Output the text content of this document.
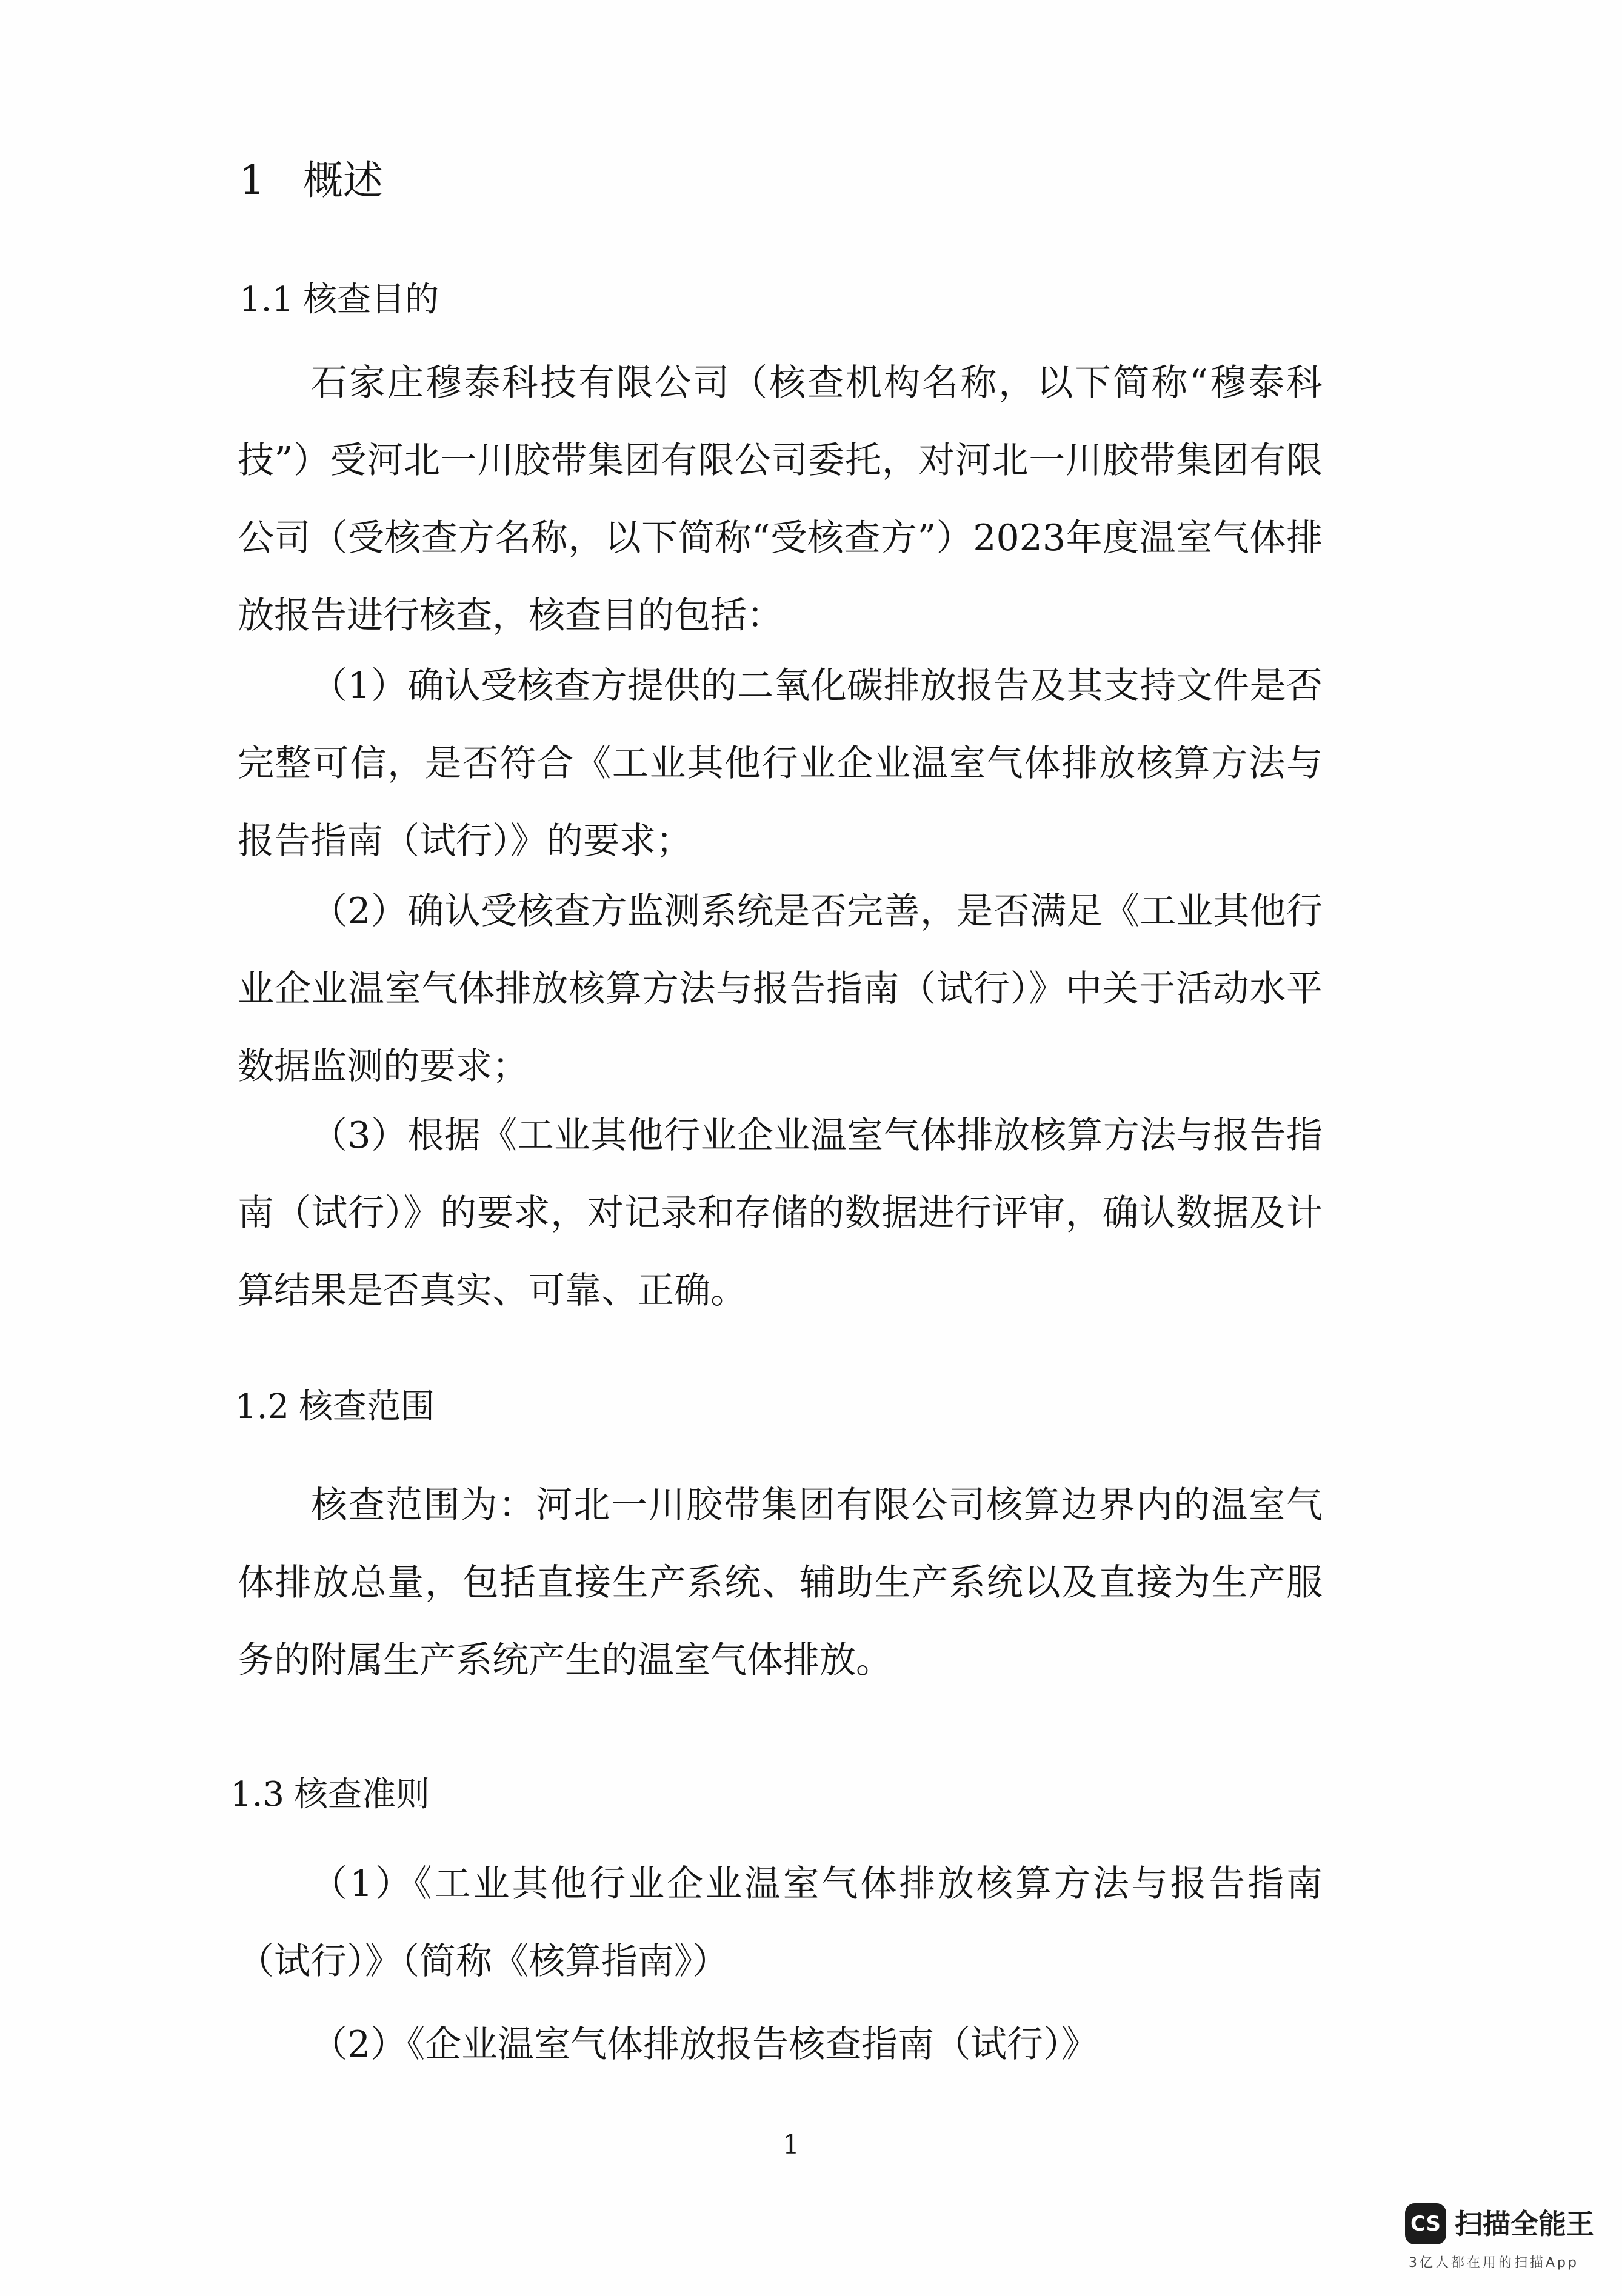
1 概述
1.1 核查目的

石家庄穆泰科技有限公司（核查机构名称，以下简称“穆泰科技”）受河北一川胶带集团有限公司委托，对河北一川胶带集团有限公司（受核查方名称，以下简称“受核查方”）2023年度温室气体排放报告进行核查，核查目的包括：

（1）确认受核查方提供的二氧化碳排放报告及其支持文件是否完整可信，是否符合《工业其他行业企业温室气体排放核算方法与报告指南（试行）》的要求；

（2）确认受核查方监测系统是否完善，是否满足《工业其他行业企业温室气体排放核算方法与报告指南（试行）》中关于活动水平数据监测的要求；

（3）根据《工业其他行业企业温室气体排放核算方法与报告指南（试行）》的要求，对记录和存储的数据进行评审，确认数据及计算结果是否真实、可靠、正确。

1.2 核查范围

核查范围为：河北一川胶带集团有限公司核算边界内的温室气体排放总量，包括直接生产系统、辅助生产系统以及直接为生产服务的附属生产系统产生的温室气体排放。

1.3 核查准则

（1）《工业其他行业企业温室气体排放核算方法与报告指南（试行）》（简称《核算指南》）

（2）《企业温室气体排放报告核查指南（试行）》

1
CS 扫描全能王
3亿人都在用的扫描App
